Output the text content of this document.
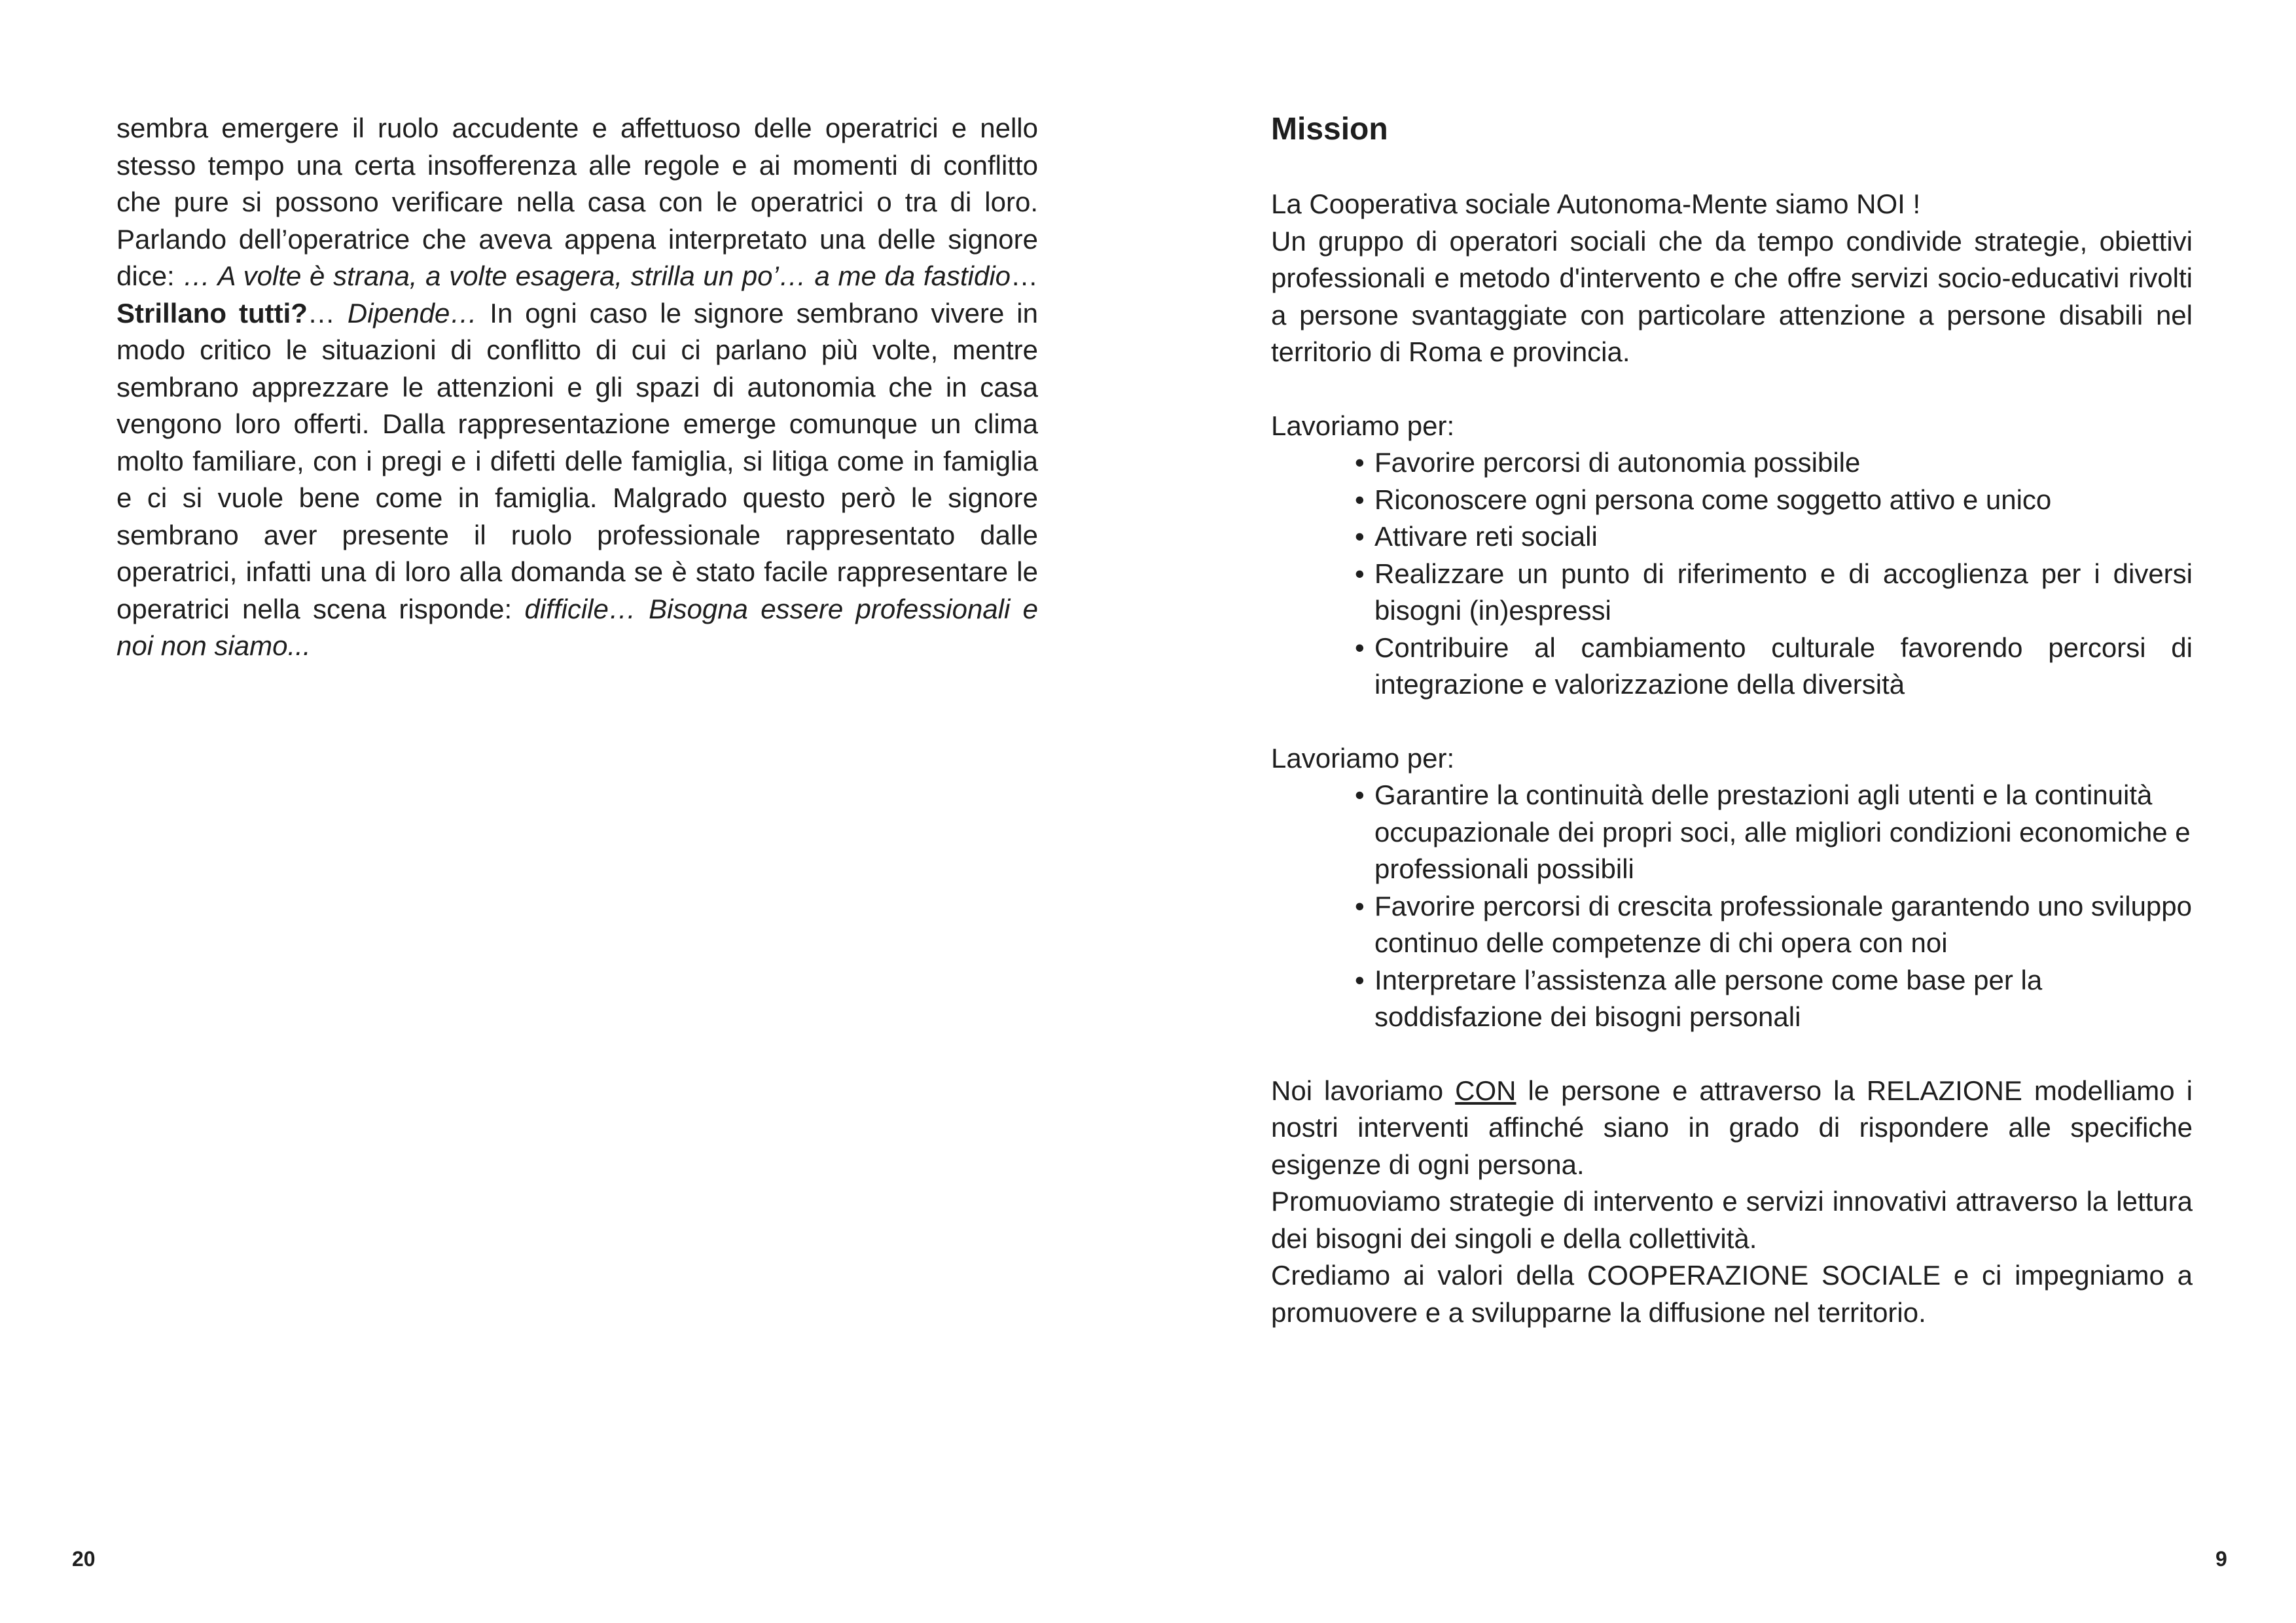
sembra emergere il ruolo accudente e affettuoso delle operatrici e nello stesso tempo una certa insofferenza alle regole e ai momenti di conflitto che pure si possono verificare nella casa con le operatrici o tra di loro. Parlando dell’operatrice che aveva appena interpretato una delle signore dice: … A volte è strana, a volte esagera, strilla un po’… a me da fastidio… Strillano tutti?… Dipende… In ogni caso le signore sembrano vivere in modo critico le situazioni di conflitto di cui ci parlano più volte, mentre sembrano apprezzare le attenzioni e gli spazi di autonomia che in casa vengono loro offerti. Dalla rappresentazione emerge comunque un clima molto familiare, con i pregi e i difetti delle famiglia, si litiga come in famiglia e ci si vuole bene come in famiglia. Malgrado questo però le signore sembrano aver presente il ruolo professionale rappresentato dalle operatrici, infatti una di loro alla domanda se è stato facile rappresentare le operatrici nella scena risponde: difficile… Bisogna essere professionali e noi non siamo...

20
Mission

La Cooperativa sociale Autonoma-Mente siamo NOI !

Un gruppo di operatori sociali che da tempo condivide strategie, obiettivi professionali e metodo d'intervento e che offre servizi socio-educativi rivolti a persone svantaggiate con particolare attenzione a persone disabili nel territorio di Roma e provincia.

Lavoriamo per:

• Favorire percorsi di autonomia possibile
• Riconoscere ogni persona come soggetto attivo e unico
• Attivare reti sociali
• Realizzare un punto di riferimento e di accoglienza per i diversi bisogni (in)espressi
• Contribuire al cambiamento culturale favorendo percorsi di integrazione e valorizzazione della diversità

Lavoriamo per:

• Garantire la continuità delle prestazioni agli utenti e la continuità occupazionale dei propri soci, alle migliori condizioni economiche e professionali possibili
• Favorire percorsi di crescita professionale garantendo uno sviluppo continuo delle competenze di chi opera con noi
• Interpretare l’assistenza alle persone come base per la soddisfazione dei bisogni personali

Noi lavoriamo CON le persone e attraverso la RELAZIONE modelliamo i nostri interventi affinché siano in grado di rispondere alle specifiche esigenze di ogni persona.

Promuoviamo strategie di intervento e servizi innovativi attraverso la lettura dei bisogni dei singoli e della collettività.

Crediamo ai valori della COOPERAZIONE SOCIALE e ci impegniamo a promuovere e a svilupparne la diffusione nel territorio.

9
